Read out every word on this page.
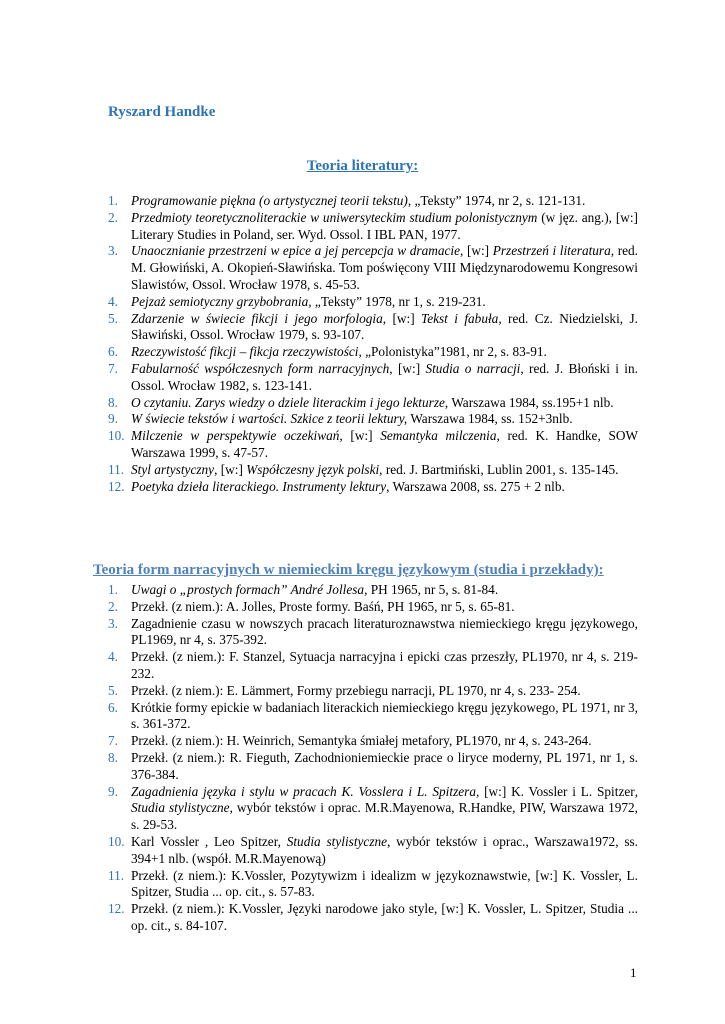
Ryszard Handke
Teoria literatury:
1. Programowanie piękna (o artystycznej teorii tekstu), „Teksty” 1974, nr 2, s. 121-131.
2. Przedmioty teoretycznoliterackie w uniwersyteckim studium polonistycznym (w jęz. ang.), [w:] Literary Studies in Poland, ser. Wyd. Ossol. I IBL PAN, 1977.
3. Unaocznianie przestrzeni w epice a jej percepcja w dramacie, [w:] Przestrzeń i literatura, red. M. Głowiński, A. Okopień-Sławińska. Tom poświęcony VIII Międzynarodowemu Kongresowi Slawistów, Ossol. Wrocław 1978, s. 45-53.
4. Pejzaż semiotyczny grzybobrania, „Teksty” 1978, nr 1, s. 219-231.
5. Zdarzenie w świecie fikcji i jego morfologia, [w:] Tekst i fabuła, red. Cz. Niedzielski, J. Sławiński, Ossol. Wrocław 1979, s. 93-107.
6. Rzeczywistość fikcji – fikcja rzeczywistości, „Polonistyka”1981, nr 2, s. 83-91.
7. Fabularność współczesnych form narracyjnych, [w:] Studia o narracji, red. J. Błoński i in. Ossol. Wrocław 1982, s. 123-141.
8. O czytaniu. Zarys wiedzy o dziele literackim i jego lekturze, Warszawa 1984, ss.195+1 nlb.
9. W świecie tekstów i wartości. Szkice z teorii lektury, Warszawa 1984, ss. 152+3nlb.
10. Milczenie w perspektywie oczekiwań, [w:] Semantyka milczenia, red. K. Handke, SOW Warszawa 1999, s. 47-57.
11. Styl artystyczny, [w:] Współczesny język polski, red. J. Bartmiński, Lublin 2001, s. 135-145.
12. Poetyka dzieła literackiego. Instrumenty lektury, Warszawa 2008, ss. 275 + 2 nlb.
Teoria form narracyjnych w niemieckim kręgu językowym (studia i przekłady):
1. Uwagi o „prostych formach” André Jollesa, PH 1965, nr 5, s. 81-84.
2. Przekł. (z niem.): A. Jolles, Proste formy. Baśń, PH 1965, nr 5, s. 65-81.
3. Zagadnienie czasu w nowszych pracach literaturoznawstwa niemieckiego kręgu językowego, PL1969, nr 4, s. 375-392.
4. Przekł. (z niem.): F. Stanzel, Sytuacja narracyjna i epicki czas przeszły, PL1970, nr 4, s. 219-232.
5. Przekł. (z niem.): E. Lämmert, Formy przebiegu narracji, PL 1970, nr 4, s. 233- 254.
6. Krótkie formy epickie w badaniach literackich niemieckiego kręgu językowego, PL 1971, nr 3, s. 361-372.
7. Przekł. (z niem.): H. Weinrich, Semantyka śmiałej metafory, PL1970, nr 4, s. 243-264.
8. Przekł. (z niem.): R. Fieguth, Zachodnioniemieckie prace o liryce moderny, PL 1971, nr 1, s. 376-384.
9. Zagadnienia języka i stylu w pracach K. Vosslera i L. Spitzera, [w:] K. Vossler i L. Spitzer, Studia stylistyczne, wybór tekstów i oprac. M.R.Mayenowa, R.Handke, PIW, Warszawa 1972, s. 29-53.
10. Karl Vossler , Leo Spitzer, Studia stylistyczne, wybór tekstów i oprac., Warszawa1972, ss. 394+1 nlb. (współ. M.R.Mayenową)
11. Przekł. (z niem.): K.Vossler, Pozytywizm i idealizm w językoznawstwie, [w:] K. Vossler, L. Spitzer, Studia ... op. cit., s. 57-83.
12. Przekł. (z niem.): K.Vossler, Języki narodowe jako style, [w:] K. Vossler, L. Spitzer, Studia ... op. cit., s. 84-107.
1
